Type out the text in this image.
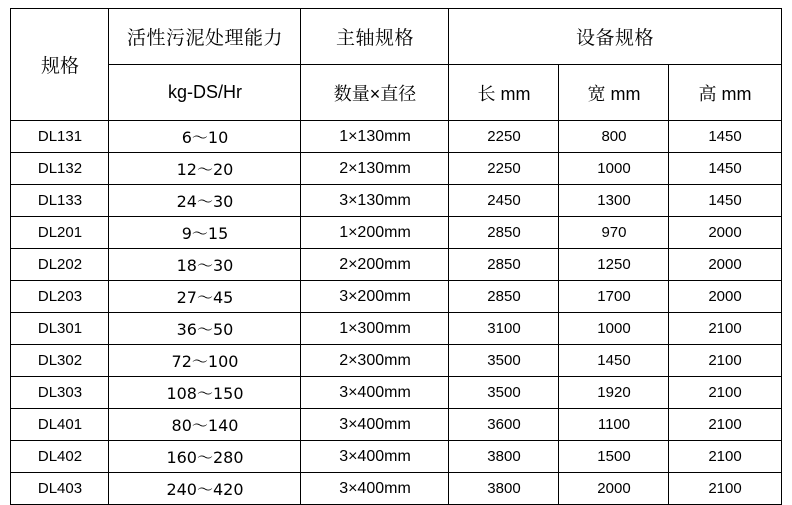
规格	活性污泥处理能力	主轴规格	设备规格		
	kg-DS/Hr	数量×直径	长 mm	宽 mm	高 mm
DL131	6～10	1×130mm	2250	800	1450
DL132	12～20	2×130mm	2250	1000	1450
DL133	24～30	3×130mm	2450	1300	1450
DL201	9～15	1×200mm	2850	970	2000
DL202	18～30	2×200mm	2850	1250	2000
DL203	27～45	3×200mm	2850	1700	2000
DL301	36～50	1×300mm	3100	1000	2100
DL302	72～100	2×300mm	3500	1450	2100
DL303	108～150	3×400mm	3500	1920	2100
DL401	80～140	3×400mm	3600	1100	2100
DL402	160～280	3×400mm	3800	1500	2100
DL403	240～420	3×400mm	3800	2000	2100
